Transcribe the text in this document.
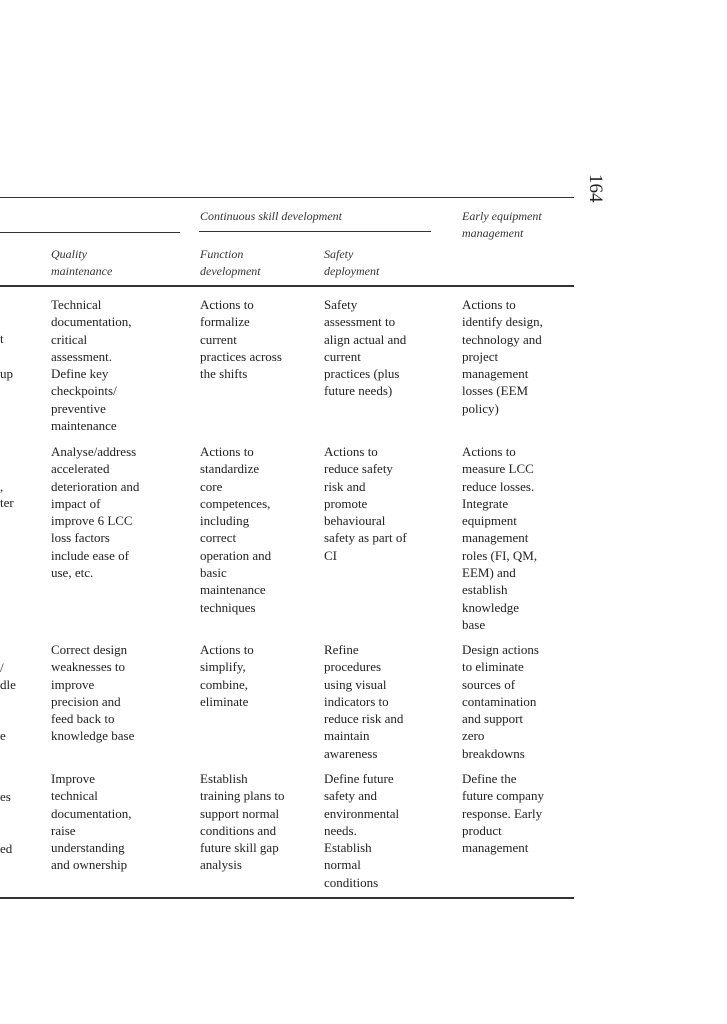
164
Continuous skill development	Early equipment
management
Quality
maintenance
Function
development
Safety
deployment
t
up
,
ter
/
dle
e
es
ed
Technical
documentation,
critical
assessment.
Define key
checkpoints/
preventive
maintenance
Actions to
formalize
current
practices across
the shifts
Safety
assessment to
align actual and
current
practices (plus
future needs)
Actions to
identify design,
technology and
project
management
losses (EEM
policy)
Analyse/address
accelerated
deterioration and
impact of
improve 6 LCC
loss factors
include ease of
use, etc.
Actions to
standardize
core
competences,
including
correct
operation and
basic
maintenance
techniques
Actions to
reduce safety
risk and
promote
behavioural
safety as part of
CI
Actions to
measure LCC
reduce losses.
Integrate
equipment
management
roles (FI, QM,
EEM) and
establish
knowledge
base
Correct design
weaknesses to
improve
precision and
feed back to
knowledge base
Actions to
simplify,
combine,
eliminate
Refine
procedures
using visual
indicators to
reduce risk and
maintain
awareness
Design actions
to eliminate
sources of
contamination
and support
zero
breakdowns
Improve
technical
documentation,
raise
understanding
and ownership
Establish
training plans to
support normal
conditions and
future skill gap
analysis
Define future
safety and
environmental
needs.
Establish
normal
conditions
Define the
future company
response. Early
product
management
